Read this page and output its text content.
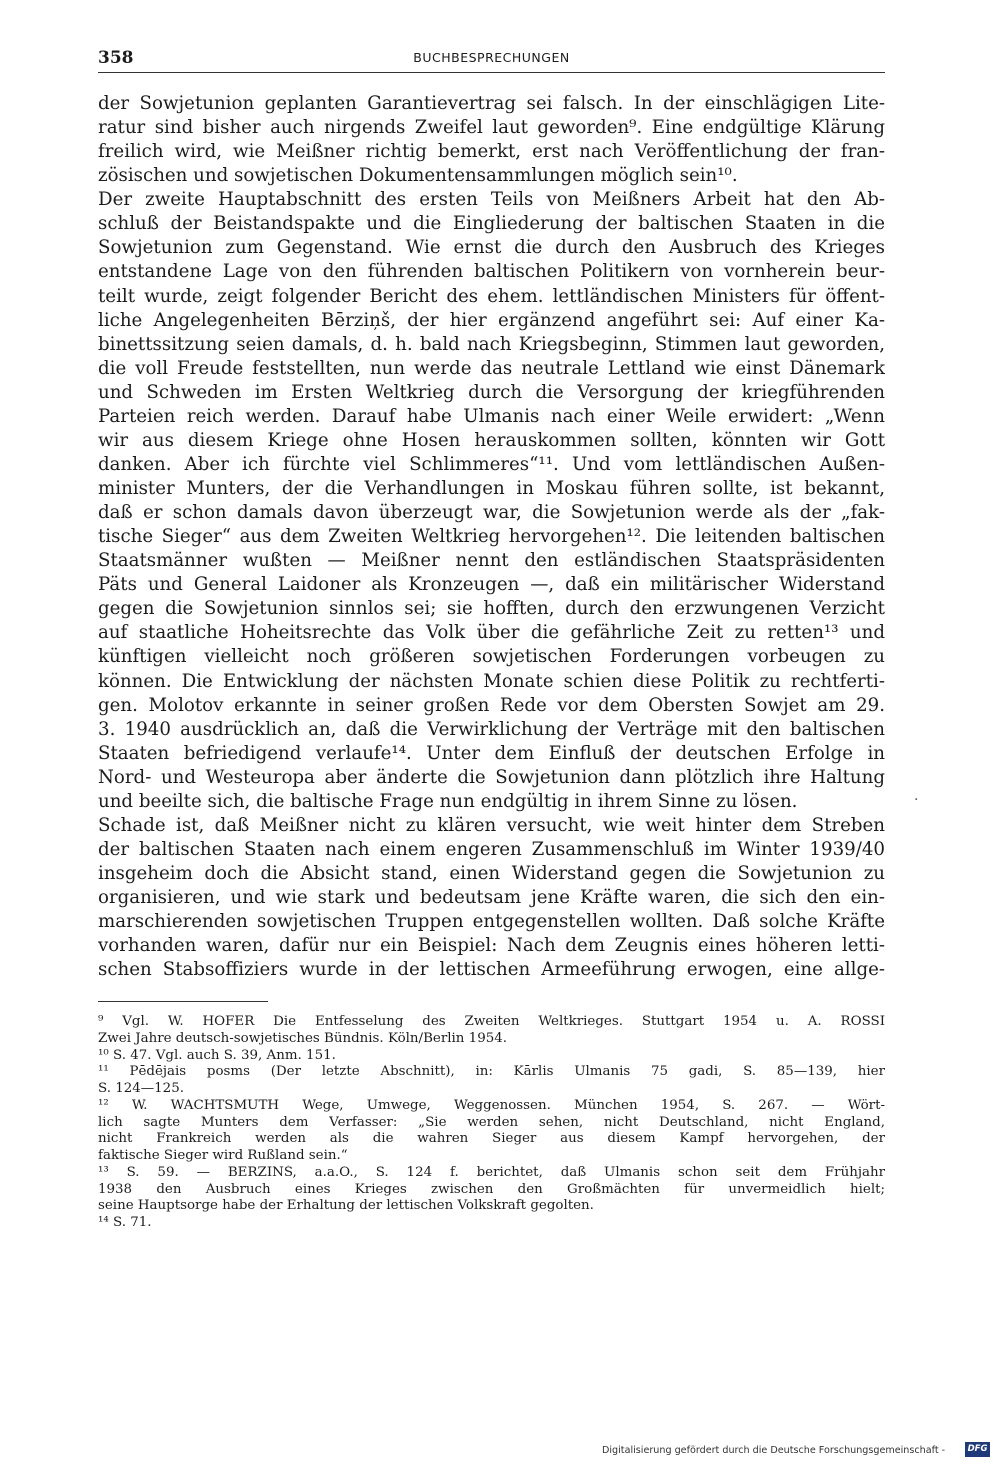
358	BUCHBESPRECHUNGEN
der Sowjetunion geplanten Garantievertrag sei falsch. In der einschlägigen Lite-
ratur sind bisher auch nirgends Zweifel laut geworden⁹. Eine endgültige Klärung
freilich wird, wie Meißner richtig bemerkt, erst nach Veröffentlichung der fran-
zösischen und sowjetischen Dokumentensammlungen möglich sein¹⁰.
Der zweite Hauptabschnitt des ersten Teils von Meißners Arbeit hat den Ab-
schluß der Beistandspakte und die Eingliederung der baltischen Staaten in die
Sowjetunion zum Gegenstand. Wie ernst die durch den Ausbruch des Krieges
entstandene Lage von den führenden baltischen Politikern von vornherein beur-
teilt wurde, zeigt folgender Bericht des ehem. lettländischen Ministers für öffent-
liche Angelegenheiten Bērziņš, der hier ergänzend angeführt sei: Auf einer Ka-
binettssitzung seien damals, d. h. bald nach Kriegsbeginn, Stimmen laut geworden,
die voll Freude feststellten, nun werde das neutrale Lettland wie einst Dänemark
und Schweden im Ersten Weltkrieg durch die Versorgung der kriegführenden
Parteien reich werden. Darauf habe Ulmanis nach einer Weile erwidert: „Wenn
wir aus diesem Kriege ohne Hosen herauskommen sollten, könnten wir Gott
danken. Aber ich fürchte viel Schlimmeres“¹¹. Und vom lettländischen Außen-
minister Munters, der die Verhandlungen in Moskau führen sollte, ist bekannt,
daß er schon damals davon überzeugt war, die Sowjetunion werde als der „fak-
tische Sieger“ aus dem Zweiten Weltkrieg hervorgehen¹². Die leitenden baltischen
Staatsmänner wußten — Meißner nennt den estländischen Staatspräsidenten
Päts und General Laidoner als Kronzeugen —, daß ein militärischer Widerstand
gegen die Sowjetunion sinnlos sei; sie hofften, durch den erzwungenen Verzicht
auf staatliche Hoheitsrechte das Volk über die gefährliche Zeit zu retten¹³ und
künftigen vielleicht noch größeren sowjetischen Forderungen vorbeugen zu
können. Die Entwicklung der nächsten Monate schien diese Politik zu rechtferti-
gen. Molotov erkannte in seiner großen Rede vor dem Obersten Sowjet am 29.
3. 1940 ausdrücklich an, daß die Verwirklichung der Verträge mit den baltischen
Staaten befriedigend verlaufe¹⁴. Unter dem Einfluß der deutschen Erfolge in
Nord- und Westeuropa aber änderte die Sowjetunion dann plötzlich ihre Haltung
und beeilte sich, die baltische Frage nun endgültig in ihrem Sinne zu lösen.
Schade ist, daß Meißner nicht zu klären versucht, wie weit hinter dem Streben
der baltischen Staaten nach einem engeren Zusammenschluß im Winter 1939/40
insgeheim doch die Absicht stand, einen Widerstand gegen die Sowjetunion zu
organisieren, und wie stark und bedeutsam jene Kräfte waren, die sich den ein-
marschierenden sowjetischen Truppen entgegenstellen wollten. Daß solche Kräfte
vorhanden waren, dafür nur ein Beispiel: Nach dem Zeugnis eines höheren letti-
schen Stabsoffiziers wurde in der lettischen Armeeführung erwogen, eine allge-
⁹ Vgl. W. HOFER Die Entfesselung des Zweiten Weltkrieges. Stuttgart 1954 u. A. ROSSI
Zwei Jahre deutsch-sowjetisches Bündnis. Köln/Berlin 1954.
¹⁰ S. 47. Vgl. auch S. 39, Anm. 151.
¹¹ Pēdējais posms (Der letzte Abschnitt), in: Kārlis Ulmanis 75 gadi, S. 85—139, hier
S. 124—125.
¹² W. WACHTSMUTH Wege, Umwege, Weggenossen. München 1954, S. 267. — Wört-
lich sagte Munters dem Verfasser: „Sie werden sehen, nicht Deutschland, nicht England,
nicht Frankreich werden als die wahren Sieger aus diesem Kampf hervorgehen, der
faktische Sieger wird Rußland sein.“
¹³ S. 59. — BERZINŠ, a.a.O., S. 124 f. berichtet, daß Ulmanis schon seit dem Frühjahr
1938 den Ausbruch eines Krieges zwischen den Großmächten für unvermeidlich hielt;
seine Hauptsorge habe der Erhaltung der lettischen Volkskraft gegolten.
¹⁴ S. 71.
·
Digitalisierung gefördert durch die Deutsche Forschungsgemeinschaft -	DFG
